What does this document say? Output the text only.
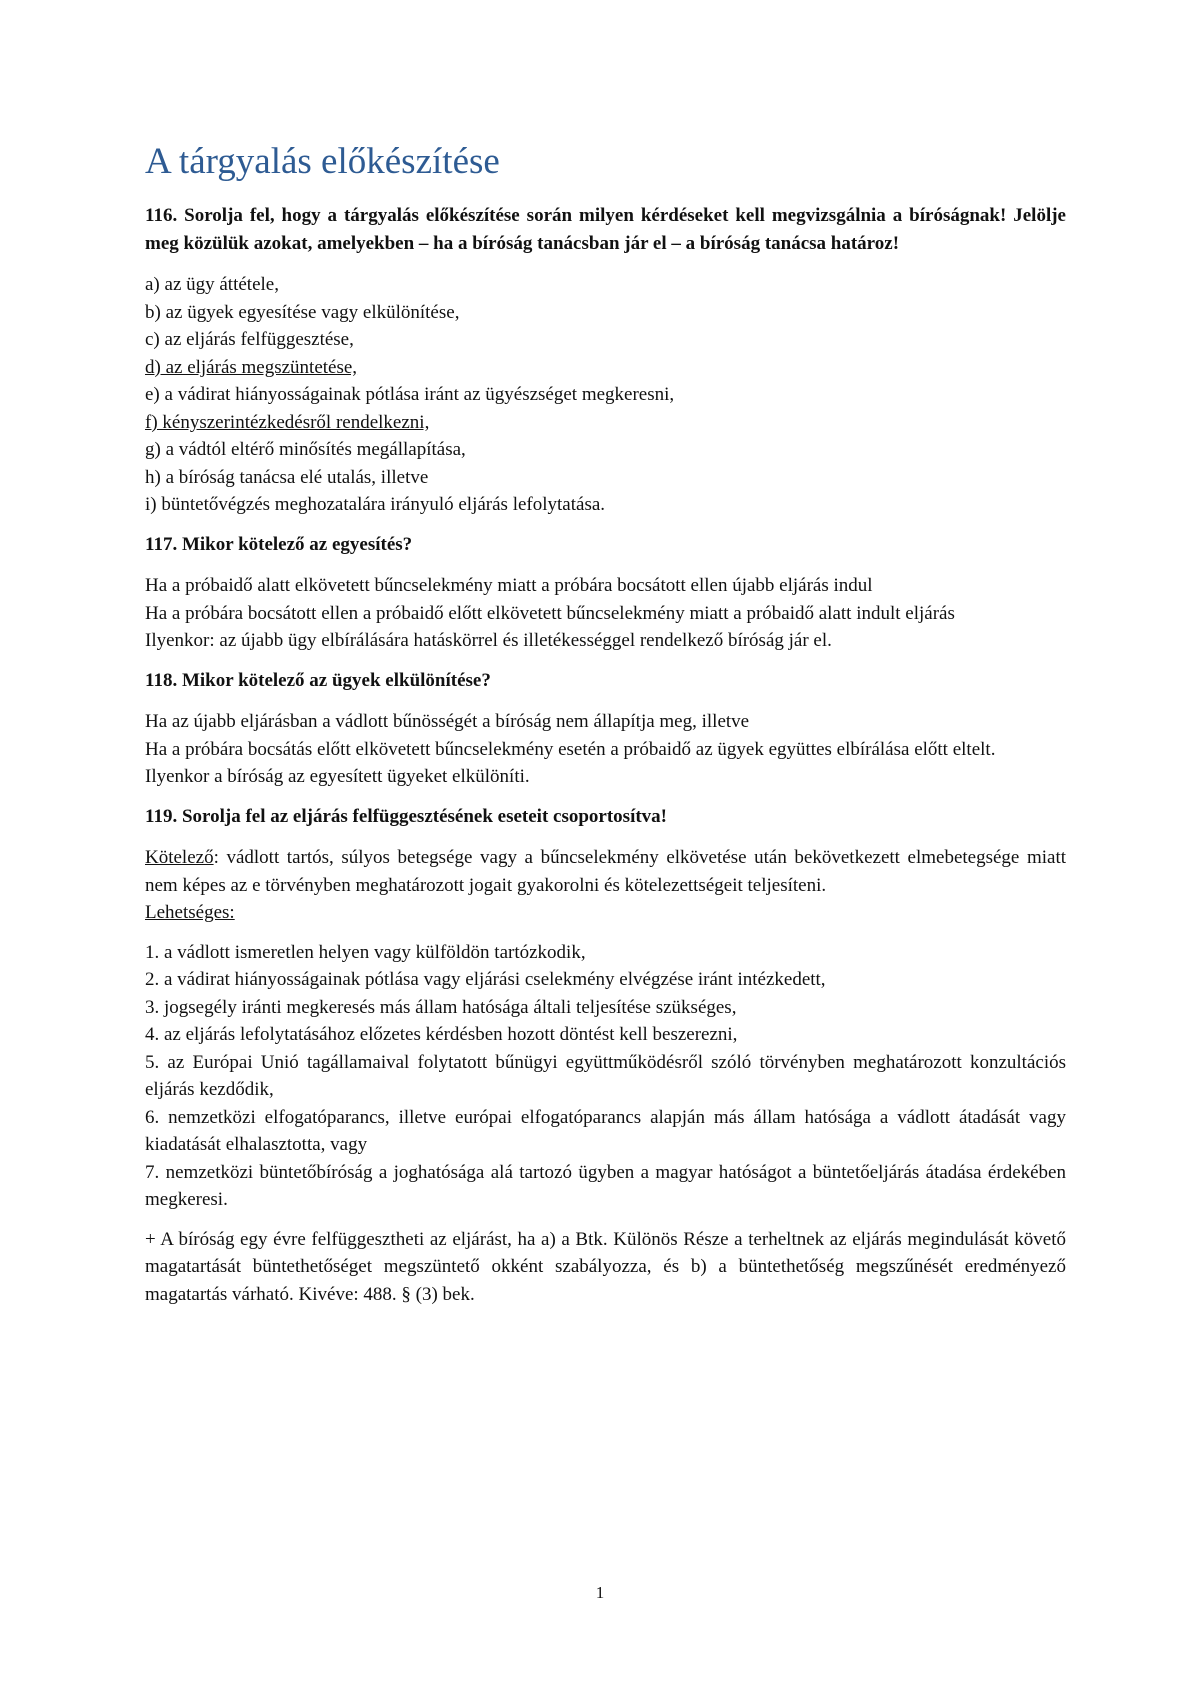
A tárgyalás előkészítése

116. Sorolja fel, hogy a tárgyalás előkészítése során milyen kérdéseket kell megvizsgálnia a bíróságnak! Jelölje meg közülük azokat, amelyekben – ha a bíróság tanácsban jár el – a bíróság tanácsa határoz!

a) az ügy áttétele,

b) az ügyek egyesítése vagy elkülönítése,

c) az eljárás felfüggesztése,

d) az eljárás megszüntetése,

e) a vádirat hiányosságainak pótlása iránt az ügyészséget megkeresni,

f) kényszerintézkedésről rendelkezni,

g) a vádtól eltérő minősítés megállapítása,

h) a bíróság tanácsa elé utalás, illetve

i) büntetővégzés meghozatalára irányuló eljárás lefolytatása.

117. Mikor kötelező az egyesítés?

Ha a próbaidő alatt elkövetett bűncselekmény miatt a próbára bocsátott ellen újabb eljárás indul

Ha a próbára bocsátott ellen a próbaidő előtt elkövetett bűncselekmény miatt a próbaidő alatt indult eljárás

Ilyenkor: az újabb ügy elbírálására hatáskörrel és illetékességgel rendelkező bíróság jár el.

118. Mikor kötelező az ügyek elkülönítése?

Ha az újabb eljárásban a vádlott bűnösségét a bíróság nem állapítja meg, illetve

Ha a próbára bocsátás előtt elkövetett bűncselekmény esetén a próbaidő az ügyek együttes elbírálása előtt eltelt.

Ilyenkor a bíróság az egyesített ügyeket elkülöníti.

119. Sorolja fel az eljárás felfüggesztésének eseteit csoportosítva!

Kötelező: vádlott tartós, súlyos betegsége vagy a bűncselekmény elkövetése után bekövetkezett elmebetegsége miatt nem képes az e törvényben meghatározott jogait gyakorolni és kötelezettségeit teljesíteni.

Lehetséges:

1. a vádlott ismeretlen helyen vagy külföldön tartózkodik,

2. a vádirat hiányosságainak pótlása vagy eljárási cselekmény elvégzése iránt intézkedett,

3. jogsegély iránti megkeresés más állam hatósága általi teljesítése szükséges,

4. az eljárás lefolytatásához előzetes kérdésben hozott döntést kell beszerezni,

5. az Európai Unió tagállamaival folytatott bűnügyi együttműködésről szóló törvényben meghatározott konzultációs eljárás kezdődik,

6. nemzetközi elfogatóparancs, illetve európai elfogatóparancs alapján más állam hatósága a vádlott átadását vagy kiadatását elhalasztotta, vagy

7. nemzetközi büntetőbíróság a joghatósága alá tartozó ügyben a magyar hatóságot a büntetőeljárás átadása érdekében megkeresi.

+ A bíróság egy évre felfüggesztheti az eljárást, ha a) a Btk. Különös Része a terheltnek az eljárás megindulását követő magatartását büntethetőséget megszüntető okként szabályozza, és b) a büntethetőség megszűnését eredményező magatartás várható. Kivéve: 488. § (3) bek.

1
